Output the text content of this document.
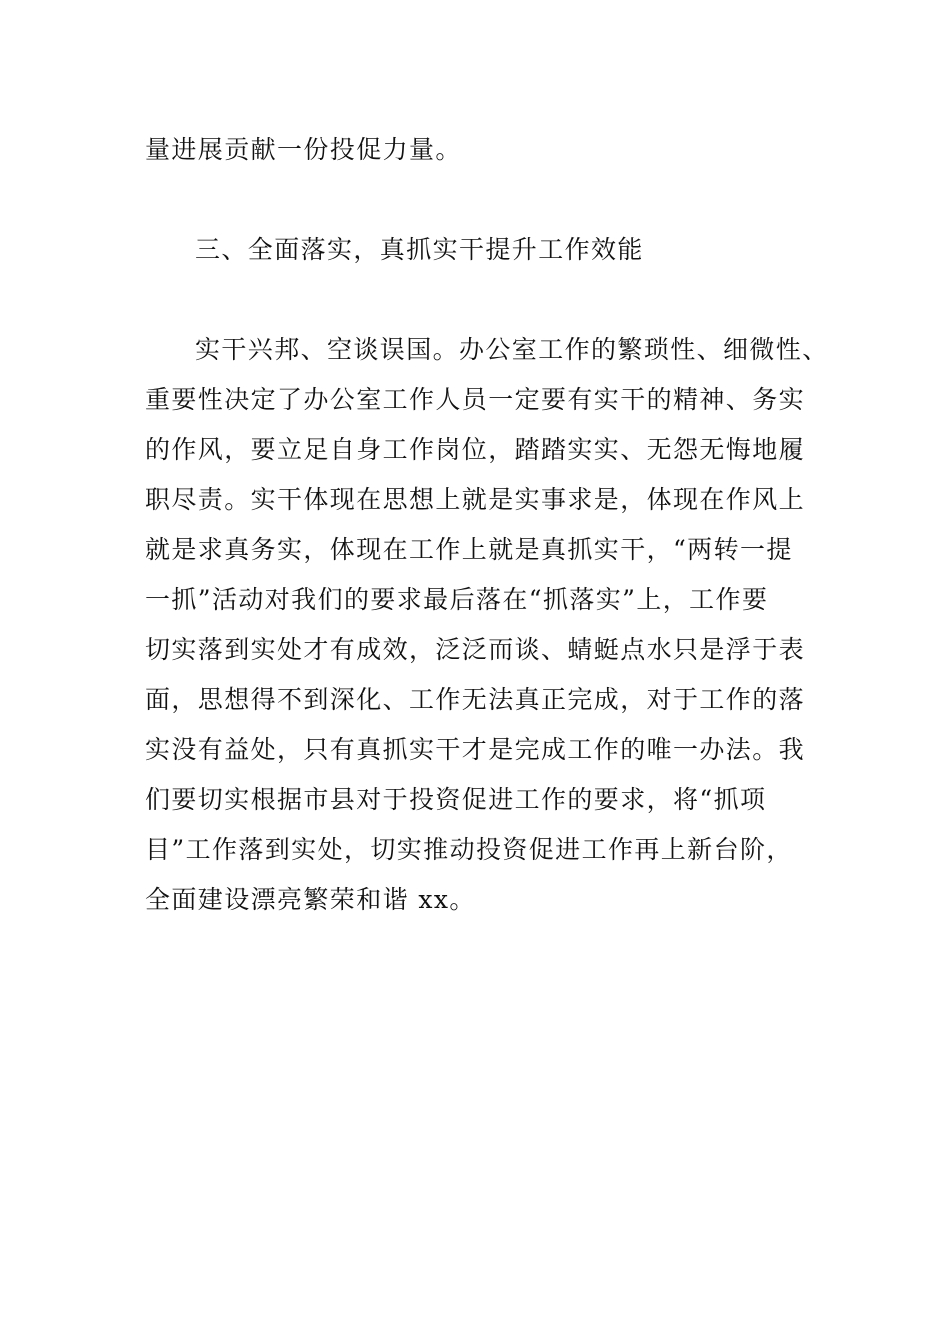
量进展贡献一份投促力量。
三、全面落实，真抓实干提升工作效能
实干兴邦、空谈误国。办公室工作的繁琐性、细微性、
重要性决定了办公室工作人员一定要有实干的精神、务实
的作风，要立足自身工作岗位，踏踏实实、无怨无悔地履
职尽责。实干体现在思想上就是实事求是，体现在作风上
就是求真务实，体现在工作上就是真抓实干，“两转一提
一抓”活动对我们的要求最后落在“抓落实”上，工作要
切实落到实处才有成效，泛泛而谈、蜻蜓点水只是浮于表
面，思想得不到深化、工作无法真正完成，对于工作的落
实没有益处，只有真抓实干才是完成工作的唯一办法。我
们要切实根据市县对于投资促进工作的要求，将“抓项
目”工作落到实处，切实推动投资促进工作再上新台阶，
全面建设漂亮繁荣和谐 xx。
